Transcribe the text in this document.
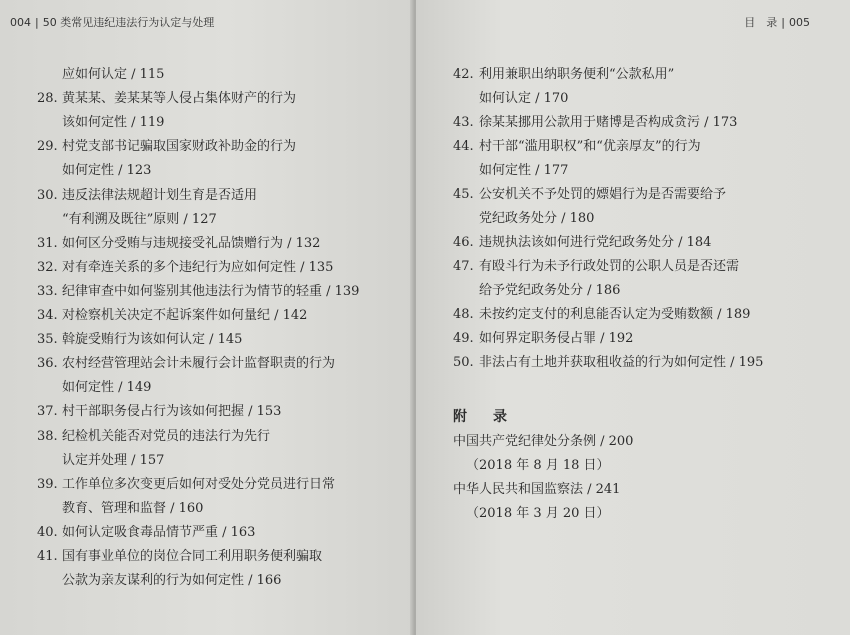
004 | 50 类常见违纪违法行为认定与处理
应如何认定 / 115
28. 黄某某、姜某某等人侵占集体财产的行为
该如何定性 / 119
29. 村党支部书记骗取国家财政补助金的行为
如何定性 / 123
30. 违反法律法规超计划生育是否适用
“有利溯及既往”原则 / 127
31. 如何区分受贿与违规接受礼品馈赠行为 / 132
32. 对有牵连关系的多个违纪行为应如何定性 / 135
33. 纪律审查中如何鉴别其他违法行为情节的轻重 / 139
34. 对检察机关决定不起诉案件如何量纪 / 142
35. 斡旋受贿行为该如何认定 / 145
36. 农村经营管理站会计未履行会计监督职责的行为
如何定性 / 149
37. 村干部职务侵占行为该如何把握 / 153
38. 纪检机关能否对党员的违法行为先行
认定并处理 / 157
39. 工作单位多次变更后如何对受处分党员进行日常
教育、管理和监督 / 160
40. 如何认定吸食毒品情节严重 / 163
41. 国有事业单位的岗位合同工利用职务便利骗取
公款为亲友谋利的行为如何定性 / 166
目　录 | 005
42. 利用兼职出纳职务便利“公款私用”
如何认定 / 170
43. 徐某某挪用公款用于赌博是否构成贪污 / 173
44. 村干部“滥用职权”和“优亲厚友”的行为
如何定性 / 177
45. 公安机关不予处罚的嫖娼行为是否需要给予
党纪政务处分 / 180
46. 违规执法该如何进行党纪政务处分 / 184
47. 有殴斗行为未予行政处罚的公职人员是否还需
给予党纪政务处分 / 186
48. 未按约定支付的利息能否认定为受贿数额 / 189
49. 如何界定职务侵占罪 / 192
50. 非法占有土地并获取租收益的行为如何定性 / 195
附　录
中国共产党纪律处分条例 / 200
（2018 年 8 月 18 日）
中华人民共和国监察法 / 241
（2018 年 3 月 20 日）
